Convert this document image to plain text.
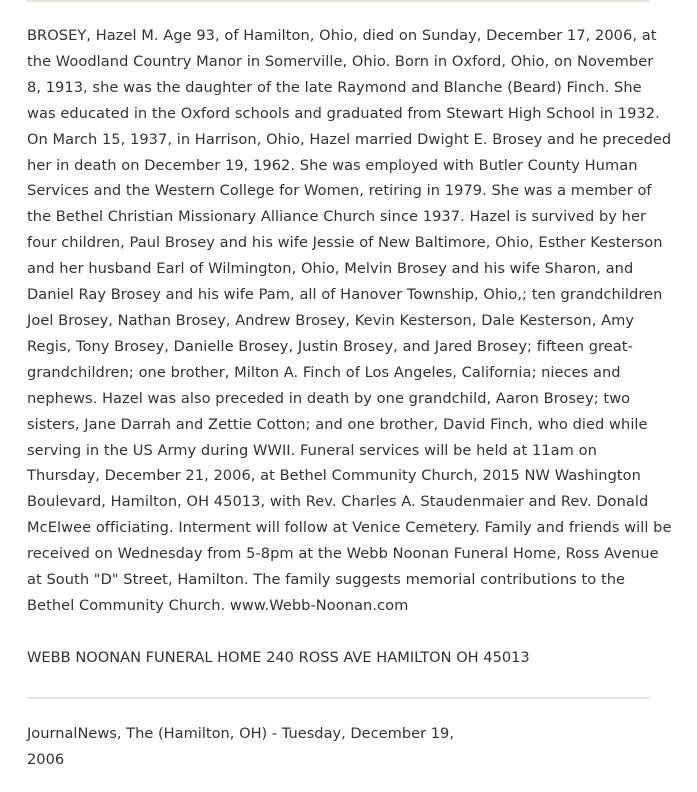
BROSEY, Hazel M. Age 93, of Hamilton, Ohio, died on Sunday, December 17, 2006, at
the Woodland Country Manor in Somerville, Ohio. Born in Oxford, Ohio, on November
8, 1913, she was the daughter of the late Raymond and Blanche (Beard) Finch. She
was educated in the Oxford schools and graduated from Stewart High School in 1932.
On March 15, 1937, in Harrison, Ohio, Hazel married Dwight E. Brosey and he preceded
her in death on December 19, 1962. She was employed with Butler County Human
Services and the Western College for Women, retiring in 1979. She was a member of
the Bethel Christian Missionary Alliance Church since 1937. Hazel is survived by her
four children, Paul Brosey and his wife Jessie of New Baltimore, Ohio, Esther Kesterson
and her husband Earl of Wilmington, Ohio, Melvin Brosey and his wife Sharon, and
Daniel Ray Brosey and his wife Pam, all of Hanover Township, Ohio,; ten grandchildren
Joel Brosey, Nathan Brosey, Andrew Brosey, Kevin Kesterson, Dale Kesterson, Amy
Regis, Tony Brosey, Danielle Brosey, Justin Brosey, and Jared Brosey; fifteen great-
grandchildren; one brother, Milton A. Finch of Los Angeles, California; nieces and
nephews. Hazel was also preceded in death by one grandchild, Aaron Brosey; two
sisters, Jane Darrah and Zettie Cotton; and one brother, David Finch, who died while
serving in the US Army during WWII. Funeral services will be held at 11am on
Thursday, December 21, 2006, at Bethel Community Church, 2015 NW Washington
Boulevard, Hamilton, OH 45013, with Rev. Charles A. Staudenmaier and Rev. Donald
McElwee officiating. Interment will follow at Venice Cemetery. Family and friends will be
received on Wednesday from 5-8pm at the Webb Noonan Funeral Home, Ross Avenue
at South "D" Street, Hamilton. The family suggests memorial contributions to the
Bethel Community Church. www.Webb-Noonan.com

WEBB NOONAN FUNERAL HOME 240 ROSS AVE HAMILTON OH 45013

JournalNews, The (Hamilton, OH) - Tuesday, December 19,
2006
